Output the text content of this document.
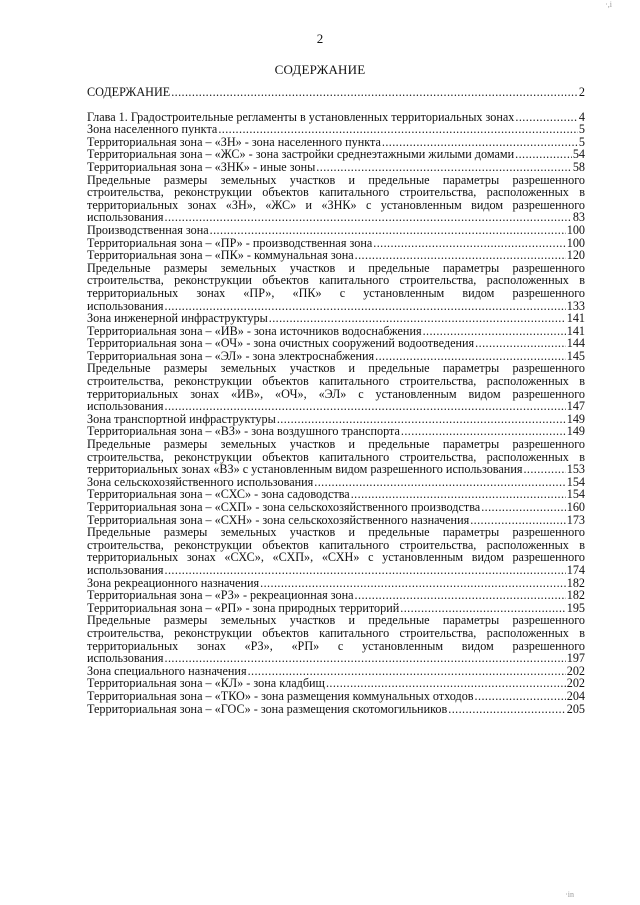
·,i
2
СОДЕРЖАНИЕ
СОДЕРЖАНИЕ .....	2
Глава 1. Градостроительные регламенты в установленных территориальных зонах .....	4
Зона населенного пункта .....	5
Территориальная зона – «ЗН» - зона населенного пункта .....	5
Территориальная зона – «ЖС» - зона застройки среднеэтажными жилыми домами .....	54
Территориальная зона – «ЗНК» - иные зоны .....	58
Предельные размеры земельных участков и предельные параметры разрешенного
строительства, реконструкции объектов капитального строительства, расположенных в
территориальных зонах «ЗН», «ЖС» и «ЗНК» с установленным видом разрешенного
использования .....	83
Производственная зона .....	100
Территориальная зона – «ПР» - производственная зона .....	100
Территориальная зона – «ПК» - коммунальная зона .....	120
Предельные размеры земельных участков и предельные параметры разрешенного
строительства, реконструкции объектов капитального строительства, расположенных в
территориальных зонах «ПР», «ПК» с установленным видом разрешенного
использования .....	133
Зона инженерной инфраструктуры .....	141
Территориальная зона – «ИВ» - зона источников водоснабжения .....	141
Территориальная зона – «ОЧ» - зона очистных сооружений водоотведения .....	144
Территориальная зона – «ЭЛ» - зона электроснабжения .....	145
Предельные размеры земельных участков и предельные параметры разрешенного
строительства, реконструкции объектов капитального строительства, расположенных в
территориальных зонах «ИВ», «ОЧ», «ЭЛ» с установленным видом разрешенного
использования .....	147
Зона транспортной инфраструктуры .....	149
Территориальная зона – «ВЗ» - зона воздушного транспорта .....	149
Предельные размеры земельных участков и предельные параметры разрешенного
строительства, реконструкции объектов капитального строительства, расположенных в
территориальных зонах «ВЗ» с установленным видом разрешенного использования .....	153
Зона сельскохозяйственного использования .....	154
Территориальная зона – «СХС» - зона садоводства .....	154
Территориальная зона – «СХП» - зона сельскохозяйственного производства .....	160
Территориальная зона – «СХН» - зона сельскохозяйственного назначения .....	173
Предельные размеры земельных участков и предельные параметры разрешенного
строительства, реконструкции объектов капитального строительства, расположенных в
территориальных зонах «СХС», «СХП», «СХН» с установленным видом разрешенного
использования .....	174
Зона рекреационного назначения .....	182
Территориальная зона – «РЗ» - рекреационная зона .....	182
Территориальная зона – «РП» - зона природных территорий .....	195
Предельные размеры земельных участков и предельные параметры разрешенного
строительства, реконструкции объектов капитального строительства, расположенных в
территориальных зонах «РЗ», «РП» с установленным видом разрешенного
использования .....	197
Зона специального назначения .....	202
Территориальная зона – «КЛ» - зона кладбищ .....	202
Территориальная зона – «ТКО» - зона размещения коммунальных отходов .....	204
Территориальная зона – «ГОС» - зона размещения скотомогильников .....	205
·in
